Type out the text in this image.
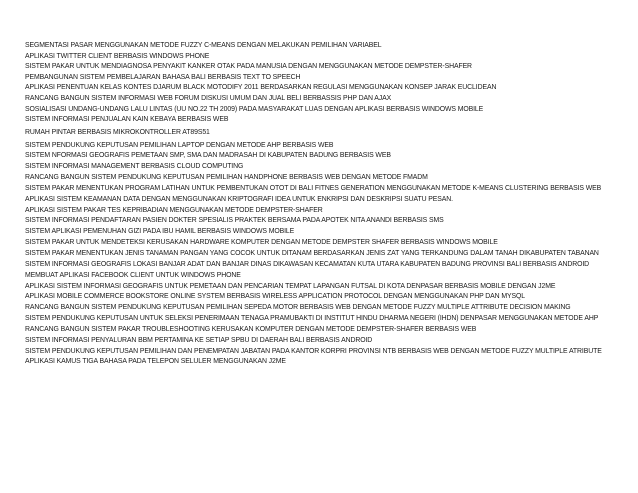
SEGMENTASI PASAR MENGGUNAKAN METODE FUZZY C-MEANS DENGAN MELAKUKAN PEMILIHAN VARIABEL
APLIKASI TWITTER CLIENT BERBASIS WINDOWS PHONE
SISTEM PAKAR UNTUK MENDIAGNOSA PENYAKIT KANKER OTAK PADA MANUSIA DENGAN MENGGUNAKAN METODE DEMPSTER-SHAFER
PEMBANGUNAN SISTEM PEMBELAJARAN BAHASA BALI BERBASIS TEXT TO SPEECH
APLIKASI PENENTUAN KELAS KONTES DJARUM BLACK MOTODIFY 2011 BERDASARKAN REGULASI MENGGUNAKAN KONSEP JARAK EUCLIDEAN
RANCANG BANGUN SISTEM INFORMASI WEB FORUM DISKUSI UMUM DAN JUAL BELI BERBASSIS PHP DAN AJAX
SOSIALISASI UNDANG-UNDANG LALU LINTAS (UU NO.22 TH 2009) PADA MASYARAKAT LUAS DENGAN APLIKASI BERBASIS WINDOWS MOBILE
SISTEM INFORMASI PENJUALAN KAIN KEBAYA BERBASIS WEB
RUMAH PINTAR BERBASIS MIKROKONTROLLER AT89S51
SISTEM PENDUKUNG KEPUTUSAN PEMILIHAN LAPTOP DENGAN METODE AHP BERBASIS WEB
SISTEM NFORMASI GEOGRAFIS PEMETAAN SMP, SMA DAN MADRASAH DI KABUPATEN BADUNG BERBASIS WEB
SISTEM INFORMASI MANAGEMENT BERBASIS CLOUD COMPUTING
RANCANG BANGUN SISTEM PENDUKUNG KEPUTUSAN PEMILIHAN HANDPHONE BERBASIS WEB DENGAN METODE FMADM
SISTEM PAKAR MENENTUKAN PROGRAM LATIHAN UNTUK PEMBENTUKAN OTOT DI BALI FITNES GENERATION MENGGUNAKAN METODE K-MEANS CLUSTERING BERBASIS WEB
APLIKASI SISTEM KEAMANAN DATA DENGAN MENGGUNAKAN KRIPTOGRAFI IDEA UNTUK ENKRIPSI DAN DESKRIPSI SUATU PESAN.
APLIKASI SISTEM PAKAR TES KEPRIBADIAN MENGGUNAKAN METODE DEMPSTER-SHAFER
SISTEM INFORMASI PENDAFTARAN PASIEN DOKTER SPESIALIS PRAKTEK BERSAMA PADA APOTEK NITA ANANDI BERBASIS SMS
SISTEM APLIKASI PEMENUHAN GIZI PADA IBU HAMIL BERBASIS WINDOWS MOBILE
SISTEM PAKAR UNTUK MENDETEKSI KERUSAKAN HARDWARE KOMPUTER DENGAN METODE DEMPSTER SHAFER BERBASIS WINDOWS MOBILE
SISTEM PAKAR MENENTUKAN JENIS TANAMAN PANGAN YANG COCOK UNTUK DITANAM BERDASARKAN JENIS ZAT YANG TERKANDUNG DALAM TANAH DIKABUPATEN TABANAN
SISTEM INFORMASI GEOGRAFIS LOKASI BANJAR ADAT DAN BANJAR DINAS DIKAWASAN KECAMATAN KUTA UTARA KABUPATEN BADUNG PROVINSI BALI BERBASIS ANDROID
MEMBUAT APLIKASI FACEBOOK CLIENT UNTUK WINDOWS PHONE
APLIKASI SISTEM INFORMASI GEOGRAFIS UNTUK PEMETAAN DAN PENCARIAN TEMPAT LAPANGAN FUTSAL DI KOTA DENPASAR BERBASIS MOBILE DENGAN J2ME
APLIKASI MOBILE COMMERCE BOOKSTORE ONLINE SYSTEM BERBASIS WIRELESS APPLICATION PROTOCOL DENGAN MENGGUNAKAN PHP DAN MYSQL
RANCANG BANGUN SISTEM PENDUKUNG KEPUTUSAN PEMILIHAN SEPEDA MOTOR BERBASIS WEB DENGAN METODE FUZZY MULTIPLE ATTRIBUTE DECISION MAKING
SISTEM PENDUKUNG KEPUTUSAN UNTUK SELEKSI PENERIMAAN TENAGA PRAMUBAKTI DI INSTITUT HINDU DHARMA NEGERI (IHDN) DENPASAR MENGGUNAKAN METODE AHP
RANCANG BANGUN SISTEM PAKAR TROUBLESHOOTING KERUSAKAN KOMPUTER DENGAN METODE DEMPSTER-SHAFER BERBASIS WEB
SISTEM INFORMASI PENYALURAN BBM PERTAMINA KE SETIAP SPBU DI DAERAH BALI BERBASIS ANDROID
SISTEM PENDUKUNG KEPUTUSAN PEMILIHAN DAN PENEMPATAN JABATAN PADA KANTOR KORPRI PROVINSI NTB BERBASIS WEB DENGAN METODE FUZZY MULTIPLE ATRIBUTE
APLIKASI KAMUS TIGA BAHASA PADA TELEPON SELULER MENGGUNAKAN J2ME
